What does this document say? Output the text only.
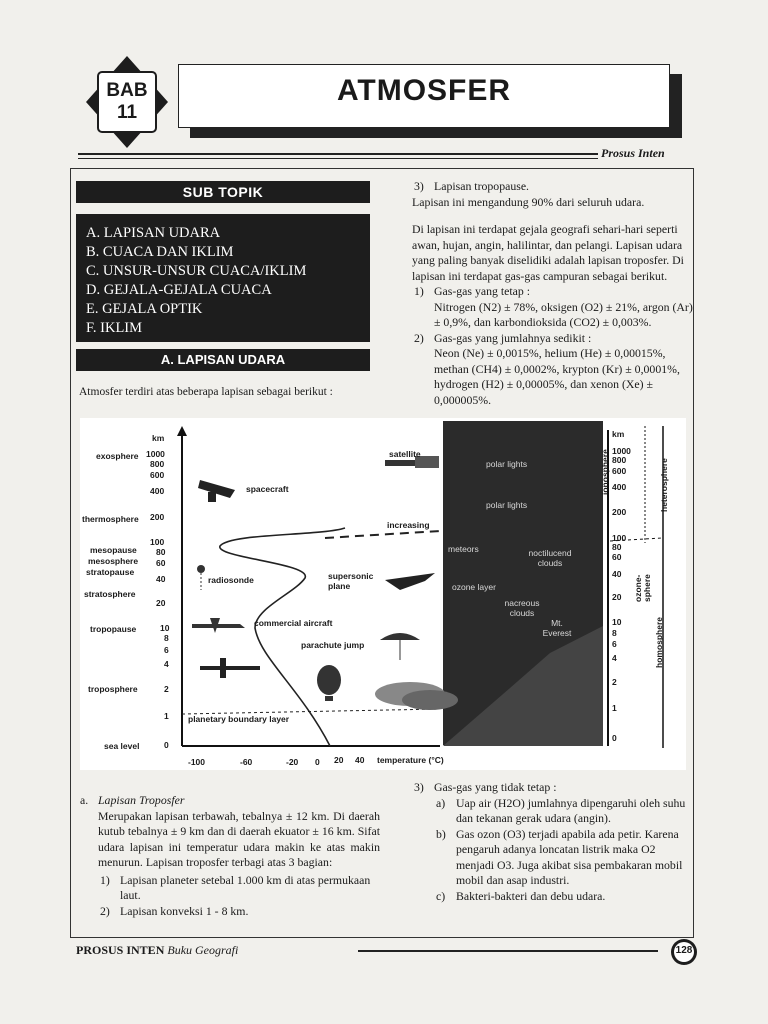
BAB
11
ATMOSFER
Prosus Inten
SUB TOPIK
A. LAPISAN UDARA
B. CUACA DAN IKLIM
C. UNSUR-UNSUR CUACA/IKLIM
D. GEJALA-GEJALA CUACA
E. GEJALA OPTIK
F. IKLIM
A. LAPISAN UDARA
Atmosfer terdiri atas beberapa lapisan sebagai berikut :
3) Lapisan tropopause.

Lapisan ini mengandung 90% dari seluruh udara.

Di lapisan ini terdapat gejala geografi sehari-hari seperti awan, hujan, angin, halilintar, dan pelangi. Lapisan udara yang paling banyak diselidiki adalah lapisan troposfer. Di lapisan ini terdapat gas-gas campuran sebagai berikut.

1) Gas-gas yang tetap :

Nitrogen (N2) ± 78%, oksigen (O2) ± 21%, argon (Ar) ± 0,9%, dan karbondioksida (CO2) ± 0,003%.

2) Gas-gas yang jumlahnya sedikit :

Neon (Ne) ± 0,0015%, helium (He) ± 0,00015%, methan (CH4) ± 0,0002%, krypton (Kr) ± 0,0001%, hydrogen (H2) ± 0,00005%, dan xenon (Xe) ± 0,000005%.

km
1000
800
600
400
200
100
80
60
40
20
10
8
6
4
2
1
0
exosphere
thermosphere
mesopause
mesosphere
stratopause
stratosphere
tropopause
troposphere
sea level
-100	-60	-20 0 20 40 temperature (°C)
spacecraft
satellite
increasing
radiosonde	supersonic plane
commercial aircraft
parachute jump
planetary boundary layer
polar lights
polar lights
meteors	noctilucend clouds
ozone layer
nacreous clouds
Mt. Everest
km
1000
800
600
400
200
100
80
60
40
20
10
8
6
4
2
1
0
ionosphere	heterosphere
ozone-sphere
homosphere
a. Lapisan Troposfer
Merupakan lapisan terbawah, tebalnya ± 12 km. Di daerah kutub tebalnya ± 9 km dan di daerah ekuator ± 16 km. Sifat udara lapisan ini temperatur udara makin ke atas makin menurun. Lapisan troposfer terbagi atas 3 bagian:
1) Lapisan planeter setebal 1.000 km di atas permukaan laut.
2) Lapisan konveksi 1 - 8 km.
3) Gas-gas yang tidak tetap :
a) Uap air (H2O) jumlahnya dipengaruhi oleh suhu dan tekanan gerak udara (angin).
b) Gas ozon (O3) terjadi apabila ada petir. Karena pengaruh adanya loncatan listrik maka O2 menjadi O3. Juga akibat sisa pembakaran mobil mobil dan asap industri.
c) Bakteri-bakteri dan debu udara.
PROSUS INTEN Buku Geografi	128
